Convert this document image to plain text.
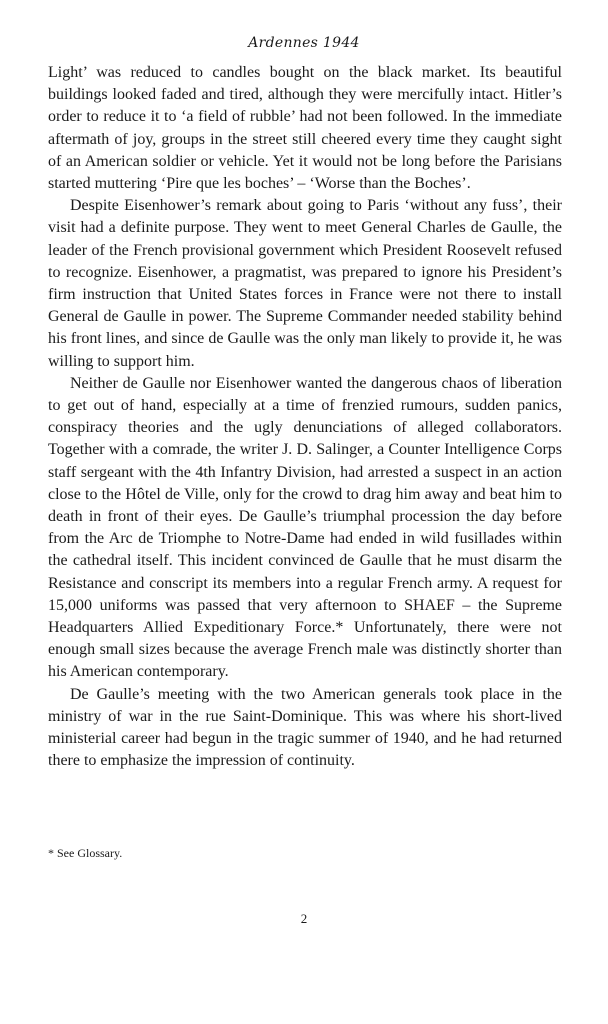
Ardennes 1944

Light’ was reduced to candles bought on the black market. Its beautiful buildings looked faded and tired, although they were mercifully intact. Hitler’s order to reduce it to ‘a field of rubble’ had not been followed. In the immediate aftermath of joy, groups in the street still cheered every time they caught sight of an American soldier or vehicle. Yet it would not be long before the Parisians started muttering ‘Pire que les boches’ – ‘Worse than the Boches’.

Despite Eisenhower’s remark about going to Paris ‘without any fuss’, their visit had a definite purpose. They went to meet General Charles de Gaulle, the leader of the French provisional government which President Roosevelt refused to recognize. Eisenhower, a pragmatist, was prepared to ignore his President’s firm instruction that United States forces in France were not there to install General de Gaulle in power. The Supreme Commander needed stability behind his front lines, and since de Gaulle was the only man likely to provide it, he was willing to support him.

Neither de Gaulle nor Eisenhower wanted the dangerous chaos of liberation to get out of hand, especially at a time of frenzied rumours, sudden panics, conspiracy theories and the ugly denunciations of alleged collaborators. Together with a comrade, the writer J. D. Salinger, a Counter Intelligence Corps staff sergeant with the 4th Infantry Division, had arrested a suspect in an action close to the Hôtel de Ville, only for the crowd to drag him away and beat him to death in front of their eyes. De Gaulle’s triumphal procession the day before from the Arc de Triomphe to Notre-Dame had ended in wild fusillades within the cathedral itself. This incident convinced de Gaulle that he must disarm the Resistance and conscript its members into a regular French army. A request for 15,000 uniforms was passed that very afternoon to SHAEF – the Supreme Headquarters Allied Expeditionary Force.* Unfortunately, there were not enough small sizes because the average French male was distinctly shorter than his American contemporary.

De Gaulle’s meeting with the two American generals took place in the ministry of war in the rue Saint-Dominique. This was where his short-lived ministerial career had begun in the tragic summer of 1940, and he had returned there to emphasize the impression of continuity.

* See Glossary.
2
